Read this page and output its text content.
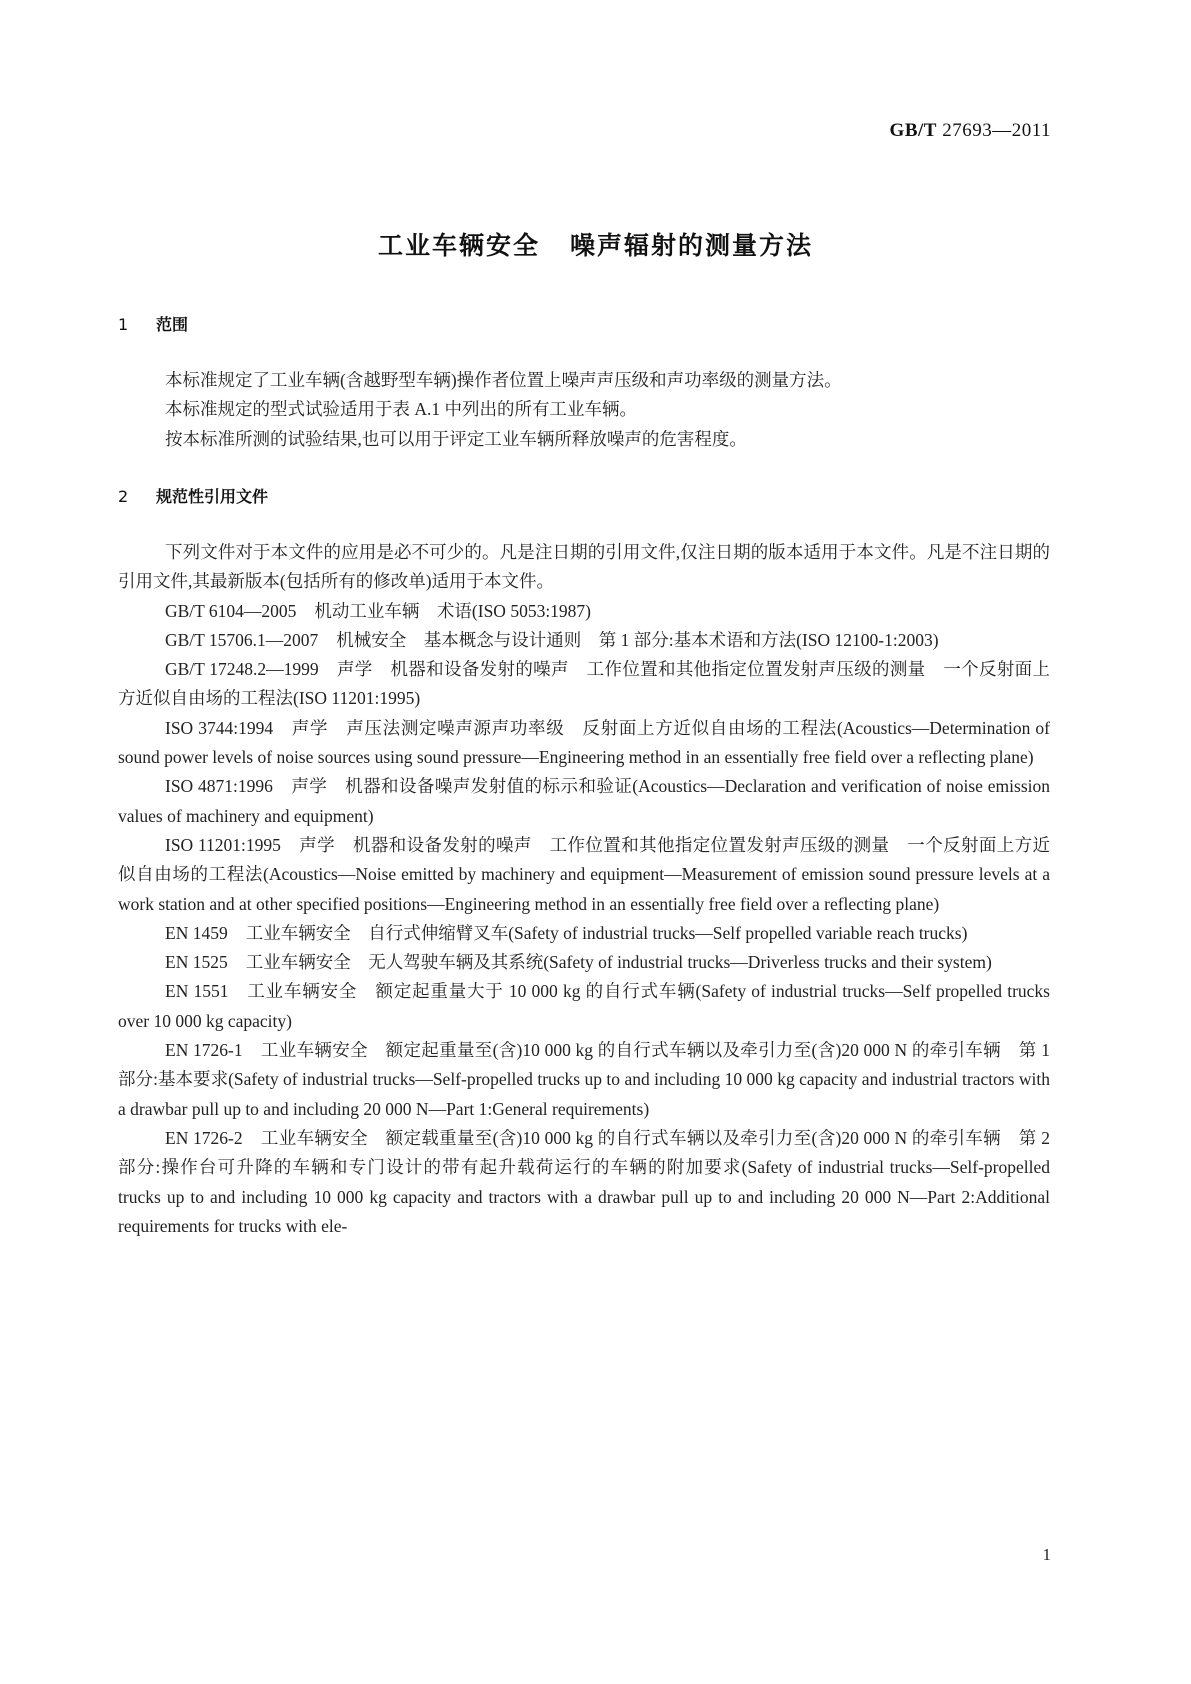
GB/T 27693—2011
工业车辆安全 噪声辐射的测量方法
1 范围

本标准规定了工业车辆(含越野型车辆)操作者位置上噪声声压级和声功率级的测量方法。

本标准规定的型式试验适用于表 A.1 中列出的所有工业车辆。

按本标准所测的试验结果,也可以用于评定工业车辆所释放噪声的危害程度。

2 规范性引用文件

下列文件对于本文件的应用是必不可少的。凡是注日期的引用文件,仅注日期的版本适用于本文件。凡是不注日期的引用文件,其最新版本(包括所有的修改单)适用于本文件。

GB/T 6104—2005 机动工业车辆　术语(ISO 5053:1987)

GB/T 15706.1—2007 机械安全　基本概念与设计通则　第 1 部分:基本术语和方法(ISO 12100-1:2003)

GB/T 17248.2—1999 声学　机器和设备发射的噪声　工作位置和其他指定位置发射声压级的测量　一个反射面上方近似自由场的工程法(ISO 11201:1995)

ISO 3744:1994 声学　声压法测定噪声源声功率级　反射面上方近似自由场的工程法(Acoustics—Determination of sound power levels of noise sources using sound pressure—Engineering method in an essentially free field over a reflecting plane)

ISO 4871:1996 声学　机器和设备噪声发射值的标示和验证(Acoustics—Declaration and verification of noise emission values of machinery and equipment)

ISO 11201:1995 声学　机器和设备发射的噪声　工作位置和其他指定位置发射声压级的测量　一个反射面上方近似自由场的工程法(Acoustics—Noise emitted by machinery and equipment—Measurement of emission sound pressure levels at a work station and at other specified positions—Engineering method in an essentially free field over a reflecting plane)

EN 1459 工业车辆安全　自行式伸缩臂叉车(Safety of industrial trucks—Self propelled variable reach trucks)

EN 1525 工业车辆安全　无人驾驶车辆及其系统(Safety of industrial trucks—Driverless trucks and their system)

EN 1551 工业车辆安全　额定起重量大于 10 000 kg 的自行式车辆(Safety of industrial trucks—Self propelled trucks over 10 000 kg capacity)

EN 1726-1 工业车辆安全　额定起重量至(含)10 000 kg 的自行式车辆以及牵引力至(含)20 000 N 的牵引车辆　第 1 部分:基本要求(Safety of industrial trucks—Self-propelled trucks up to and including 10 000 kg capacity and industrial tractors with a drawbar pull up to and including 20 000 N—Part 1:General requirements)

EN 1726-2 工业车辆安全　额定载重量至(含)10 000 kg 的自行式车辆以及牵引力至(含)20 000 N 的牵引车辆　第 2 部分:操作台可升降的车辆和专门设计的带有起升载荷运行的车辆的附加要求(Safety of industrial trucks—Self-propelled trucks up to and including 10 000 kg capacity and tractors with a drawbar pull up to and including 20 000 N—Part 2:Additional requirements for trucks with ele-

1
